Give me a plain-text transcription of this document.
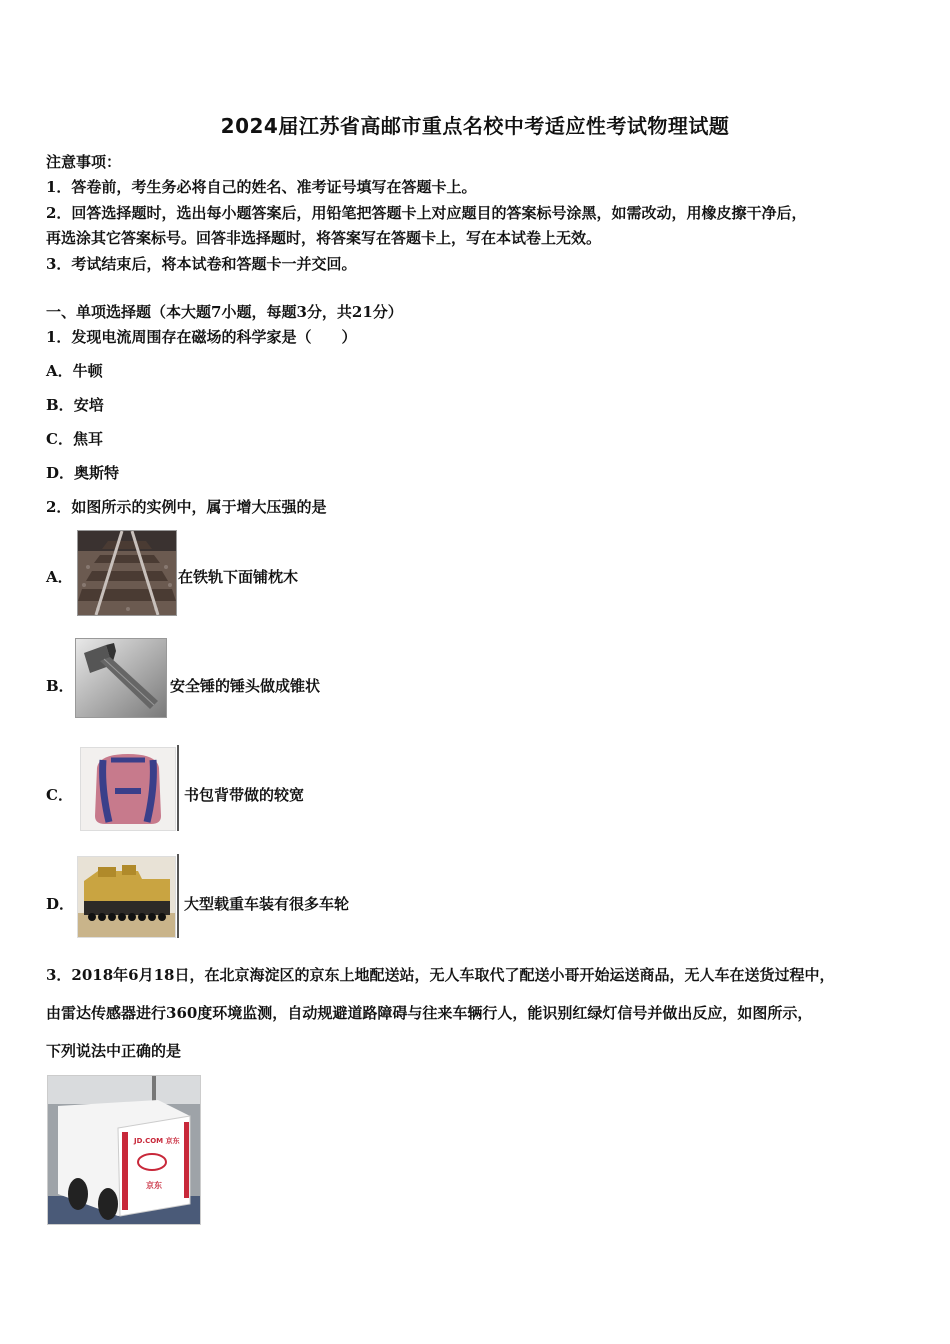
2024届江苏省高邮市重点名校中考适应性考试物理试题
注意事项：
1．答卷前，考生务必将自己的姓名、准考证号填写在答题卡上。
2．回答选择题时，选出每小题答案后，用铅笔把答题卡上对应题目的答案标号涂黑，如需改动，用橡皮擦干净后，
再选涂其它答案标号。回答非选择题时，将答案写在答题卡上，写在本试卷上无效。
3．考试结束后，将本试卷和答题卡一并交回。
一、单项选择题（本大题7小题，每题3分，共21分）
1．发现电流周围存在磁场的科学家是（　　）
A．牛顿
B．安培
C．焦耳
D．奥斯特
2．如图所示的实例中，属于增大压强的是
A．	在铁轨下面铺枕木
B．	安全锤的锤头做成锥状
C．	书包背带做的较宽
D．	大型载重车装有很多车轮
3．2018年6月18日，在北京海淀区的京东上地配送站，无人车取代了配送小哥开始运送商品，无人车在送货过程中，
由雷达传感器进行360度环境监测，自动规避道路障碍与往来车辆行人，能识别红绿灯信号并做出反应，如图所示，
下列说法中正确的是
JD.COM 京东
京东
